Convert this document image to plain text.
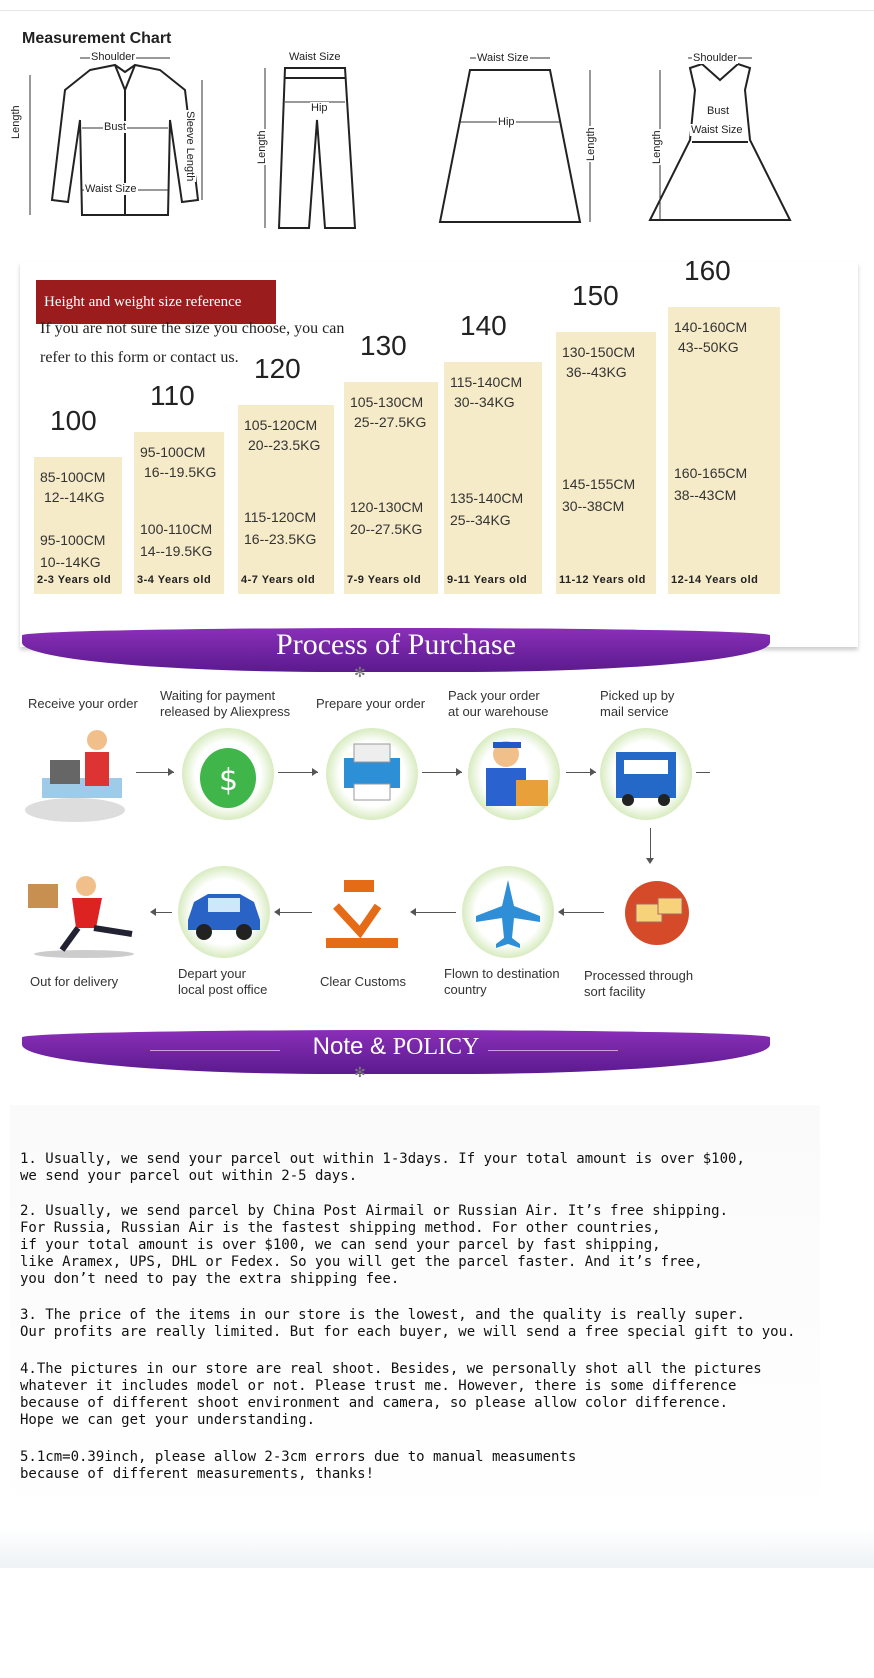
Measurement Chart
Shoulder
Bust
Waist Size
Length	Sleeve Length
Waist Size
Hip
Length
Waist Size
Hip
Length
Shoulder
Bust
Waist Size
Length
Height and weight size reference
If you are not sure the size you choose, you can
refer to this form or contact us.
100
85-100CM
12--14KG
95-100CM
10--14KG
2-3 Years old
110
95-100CM
16--19.5KG
100-110CM
14--19.5KG
3-4 Years old
120
105-120CM
20--23.5KG
115-120CM
16--23.5KG
4-7 Years old
130
105-130CM
25--27.5KG
120-130CM
20--27.5KG
7-9 Years old
140
115-140CM
30--34KG
135-140CM
25--34KG
9-11 Years old
150
130-150CM
36--43KG
145-155CM
30--38CM
11-12 Years old
160
140-160CM
43--50KG
160-165CM
38--43CM
12-14 Years old
Process of Purchase
✻
Receive your order
Waiting for payment
released by Aliexpress
Prepare your order
Pack your order
at our warehouse
Picked up by
mail service
$
Processed through
sort facility
Flown to destination
country
Clear Customs
Depart your
local post office
Out for delivery
Note & POLICY
✻
1. Usually, we send your parcel out within 1-3days. If your total amount is over $100,
we send your parcel out within 2-5 days.
2. Usually, we send parcel by China Post Airmail or Russian Air. It’s free shipping.
For Russia, Russian Air is the fastest shipping method. For other countries,
if your total amount is over $100, we can send your parcel by fast shipping,
like Aramex, UPS, DHL or Fedex. So you will get the parcel faster. And it’s free,
you don’t need to pay the extra shipping fee.
3. The price of the items in our store is the lowest, and the quality is really super.
Our profits are really limited. But for each buyer, we will send a free special gift to you.
4.The pictures in our store are real shoot. Besides, we personally shot all the pictures
whatever it includes model or not. Please trust me. However, there is some difference
because of different shoot environment and camera, so please allow color difference.
Hope we can get your understanding.
5.1cm=0.39inch, please allow 2-3cm errors due to manual measuments
because of different measurements, thanks!
